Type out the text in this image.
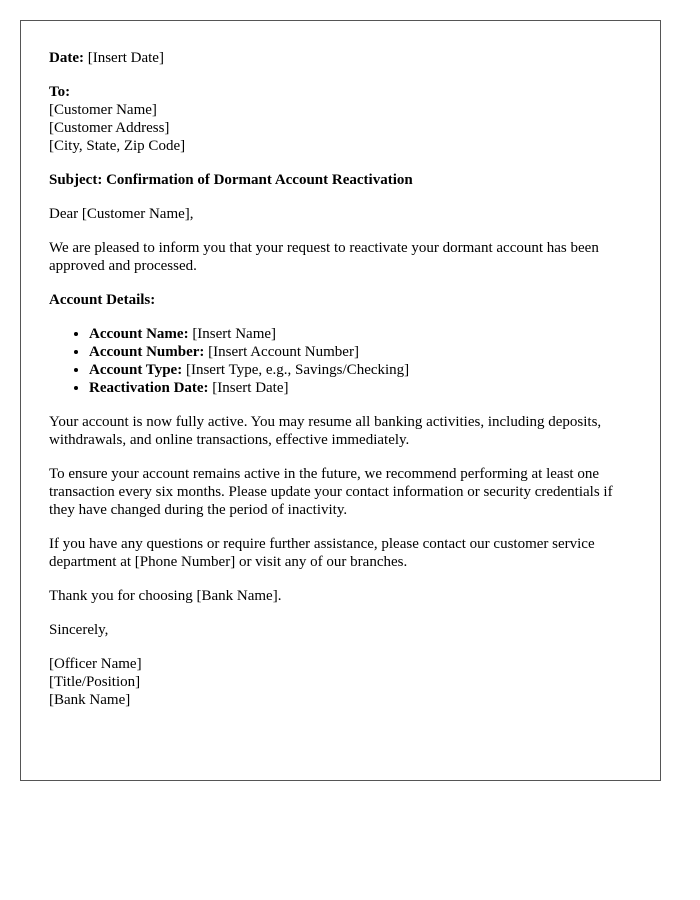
Date: [Insert Date]

To:
[Customer Name]
[Customer Address]
[City, State, Zip Code]

Subject: Confirmation of Dormant Account Reactivation

Dear [Customer Name],

We are pleased to inform you that your request to reactivate your dormant account has been approved and processed.

Account Details:

• Account Name: [Insert Name]
• Account Number: [Insert Account Number]
• Account Type: [Insert Type, e.g., Savings/Checking]
• Reactivation Date: [Insert Date]

Your account is now fully active. You may resume all banking activities, including deposits, withdrawals, and online transactions, effective immediately.

To ensure your account remains active in the future, we recommend performing at least one transaction every six months. Please update your contact information or security credentials if they have changed during the period of inactivity.

If you have any questions or require further assistance, please contact our customer service department at [Phone Number] or visit any of our branches.

Thank you for choosing [Bank Name].

Sincerely,

[Officer Name]
[Title/Position]
[Bank Name]
